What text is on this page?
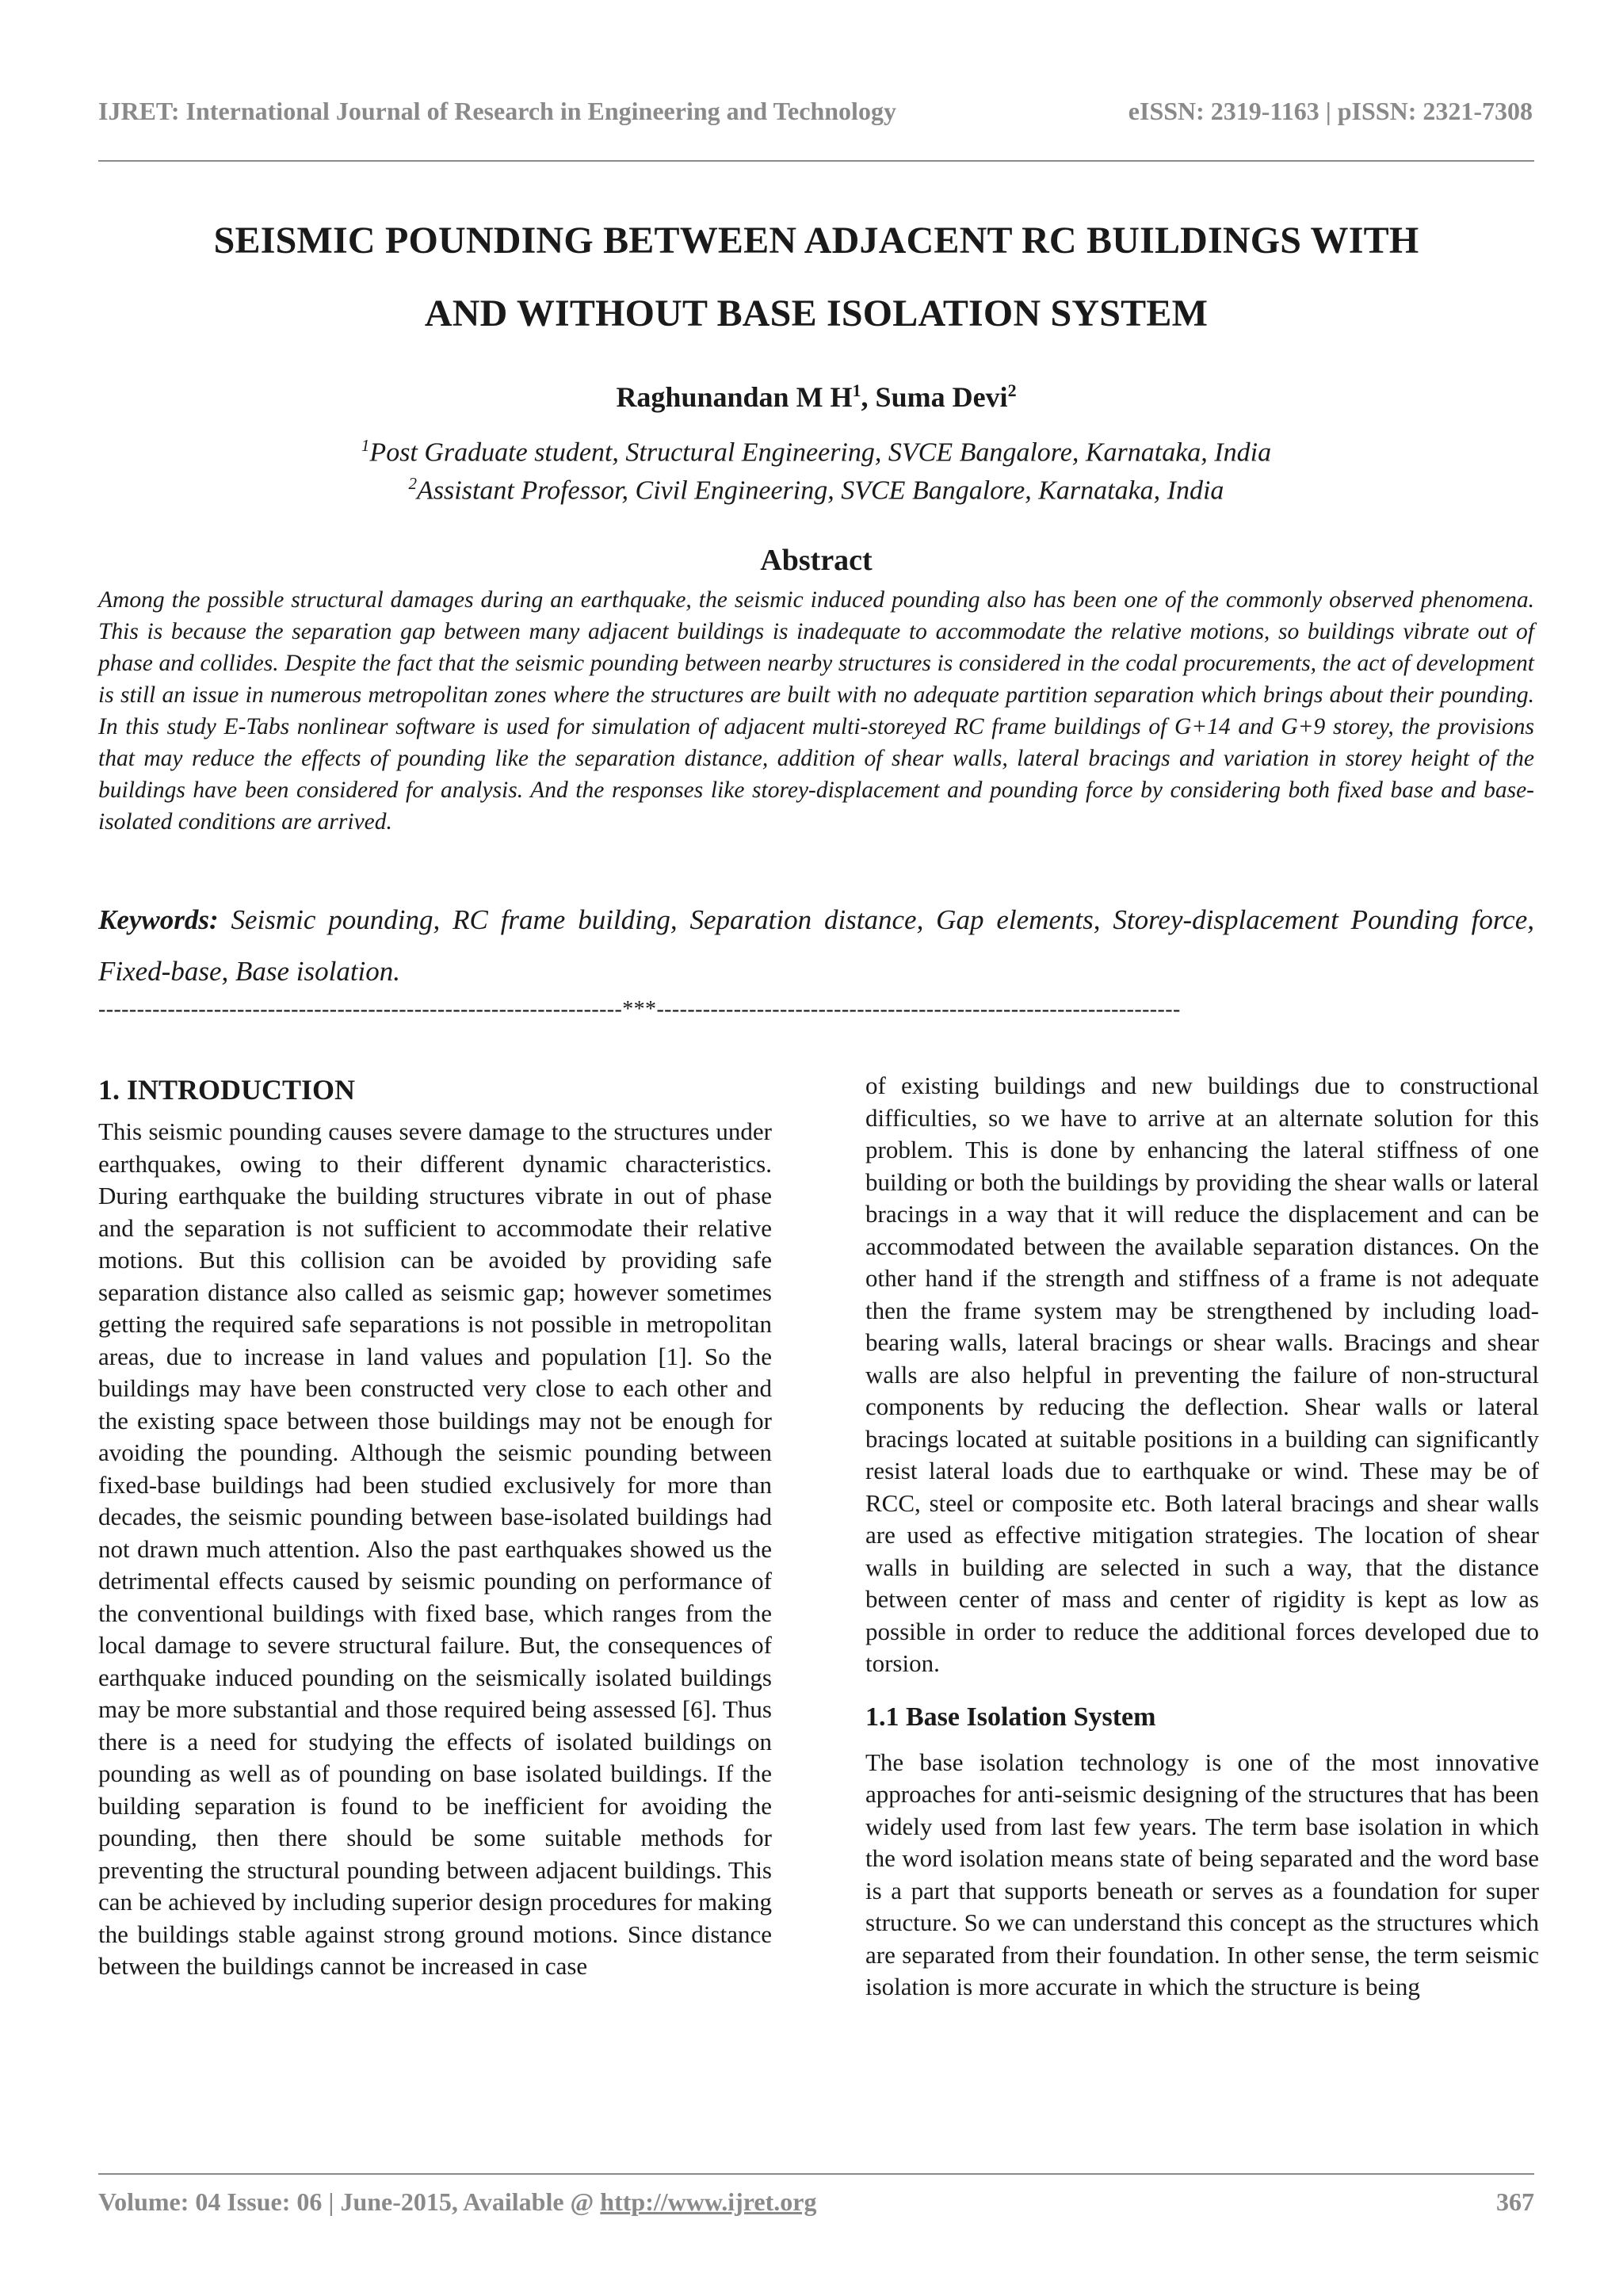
IJRET: International Journal of Research in Engineering and Technology	eISSN: 2319-1163 | pISSN: 2321-7308
SEISMIC POUNDING BETWEEN ADJACENT RC BUILDINGS WITH
AND WITHOUT BASE ISOLATION SYSTEM
Raghunandan M $H^1$, Suma Devi$^2$
$^1$Post Graduate student, Structural Engineering, SVCE Bangalore, Karnataka, India
$^2$Assistant Professor, Civil Engineering, SVCE Bangalore, Karnataka, India
Abstract
Among the possible structural damages during an earthquake, the seismic induced pounding also has been one of the commonly observed phenomena. This is because the separation gap between many adjacent buildings is inadequate to accommodate the relative motions, so buildings vibrate out of phase and collides. Despite the fact that the seismic pounding between nearby structures is considered in the codal procurements, the act of development is still an issue in numerous metropolitan zones where the structures are built with no adequate partition separation which brings about their pounding. In this study E-Tabs nonlinear software is used for simulation of adjacent multi-storeyed RC frame buildings of G+14 and G+9 storey, the provisions that may reduce the effects of pounding like the separation distance, addition of shear walls, lateral bracings and variation in storey height of the buildings have been considered for analysis. And the responses like storey-displacement and pounding force by considering both fixed base and base-isolated conditions are arrived.
Keywords: Seismic pounding, RC frame building, Separation distance, Gap elements, Storey-displacement Pounding force, Fixed-base, Base isolation.
--------------------------------------------------------------------***--------------------------------------------------------------------
1. INTRODUCTION

This seismic pounding causes severe damage to the structures under earthquakes, owing to their different dynamic characteristics. During earthquake the building structures vibrate in out of phase and the separation is not sufficient to accommodate their relative motions. But this collision can be avoided by providing safe separation distance also called as seismic gap; however sometimes getting the required safe separations is not possible in metropolitan areas, due to increase in land values and population [1]. So the buildings may have been constructed very close to each other and the existing space between those buildings may not be enough for avoiding the pounding. Although the seismic pounding between fixed-base buildings had been studied exclusively for more than decades, the seismic pounding between base-isolated buildings had not drawn much attention. Also the past earthquakes showed us the detrimental effects caused by seismic pounding on performance of the conventional buildings with fixed base, which ranges from the local damage to severe structural failure. But, the consequences of earthquake induced pounding on the seismically isolated buildings may be more substantial and those required being assessed [6]. Thus there is a need for studying the effects of isolated buildings on pounding as well as of pounding on base isolated buildings. If the building separation is found to be inefficient for avoiding the pounding, then there should be some suitable methods for preventing the structural pounding between adjacent buildings. This can be achieved by including superior design procedures for making the buildings stable against strong ground motions. Since distance between the buildings cannot be increased in case

of existing buildings and new buildings due to constructional difficulties, so we have to arrive at an alternate solution for this problem. This is done by enhancing the lateral stiffness of one building or both the buildings by providing the shear walls or lateral bracings in a way that it will reduce the displacement and can be accommodated between the available separation distances. On the other hand if the strength and stiffness of a frame is not adequate then the frame system may be strengthened by including load-bearing walls, lateral bracings or shear walls. Bracings and shear walls are also helpful in preventing the failure of non-structural components by reducing the deflection. Shear walls or lateral bracings located at suitable positions in a building can significantly resist lateral loads due to earthquake or wind. These may be of RCC, steel or composite etc. Both lateral bracings and shear walls are used as effective mitigation strategies. The location of shear walls in building are selected in such a way, that the distance between center of mass and center of rigidity is kept as low as possible in order to reduce the additional forces developed due to torsion.

1.1 Base Isolation System

The base isolation technology is one of the most innovative approaches for anti-seismic designing of the structures that has been widely used from last few years. The term base isolation in which the word isolation means state of being separated and the word base is a part that supports beneath or serves as a foundation for super structure. So we can understand this concept as the structures which are separated from their foundation. In other sense, the term seismic isolation is more accurate in which the structure is being

Volume: 04 Issue: 06 | June-2015, Available @ http://www.ijret.org	367
